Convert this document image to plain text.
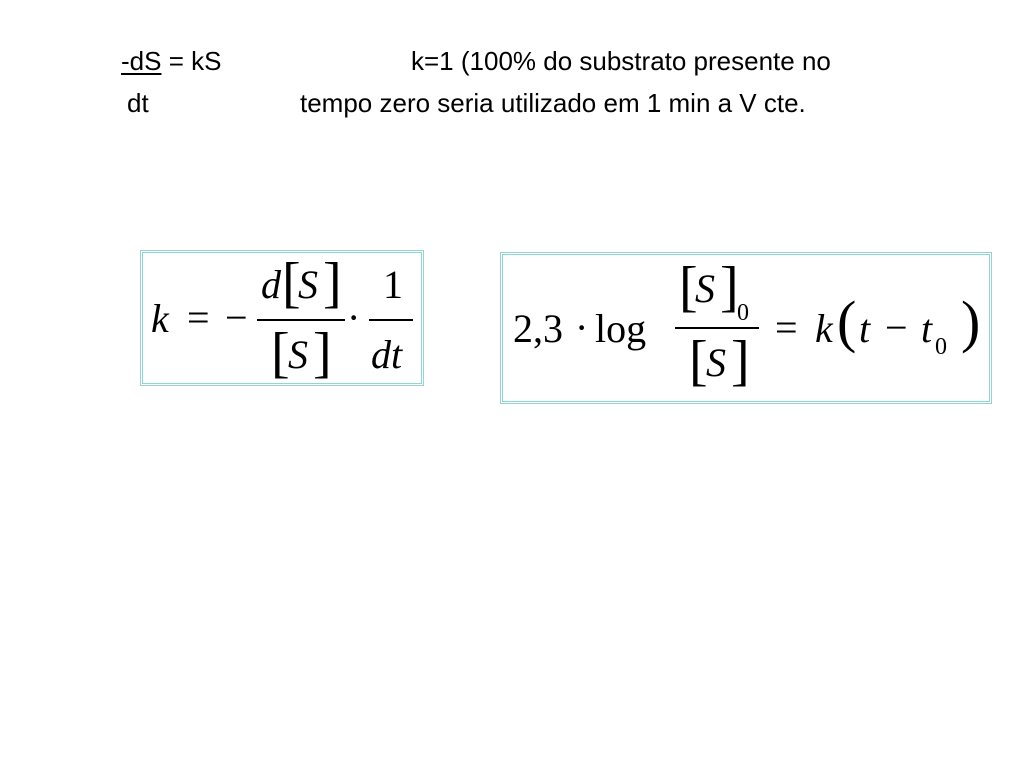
-dS = kS
dt
k=1 (100% do substrato presente no
tempo zero seria utilizado em 1 min a V cte.
k = −
d [
S ]
[
S ]
·
1
dt
2,3 · log
[
S ]
0
[
S ]
= k ( t − t 0 )
